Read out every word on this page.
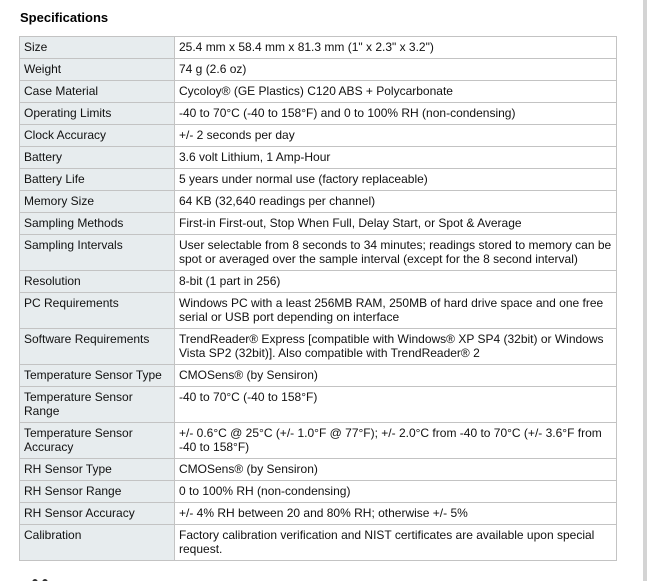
Specifications
Size	25.4 mm x 58.4 mm x 81.3 mm (1" x 2.3" x 3.2")
Weight	74 g (2.6 oz)
Case Material	Cycoloy® (GE Plastics) C120 ABS + Polycarbonate
Operating Limits	-40 to 70°C (-40 to 158°F) and 0 to 100% RH (non-condensing)
Clock Accuracy	+/- 2 seconds per day
Battery	3.6 volt Lithium, 1 Amp-Hour
Battery Life	5 years under normal use (factory replaceable)
Memory Size	64 KB (32,640 readings per channel)
Sampling Methods	First-in First-out, Stop When Full, Delay Start, or Spot & Average
Sampling Intervals	User selectable from 8 seconds to 34 minutes; readings stored to memory can be spot or averaged over the sample interval (except for the 8 second interval)
Resolution	8-bit (1 part in 256)
PC Requirements	Windows PC with a least 256MB RAM, 250MB of hard drive space and one free serial or USB port depending on interface
Software Requirements	TrendReader® Express [compatible with Windows® XP SP4 (32bit) or Windows Vista SP2 (32bit)]. Also compatible with TrendReader® 2
Temperature Sensor Type	CMOSens® (by Sensiron)
Temperature Sensor Range	-40 to 70°C (-40 to 158°F)
Temperature Sensor Accuracy	+/- 0.6°C @ 25°C (+/- 1.0°F @ 77°F); +/- 2.0°C from -40 to 70°C (+/- 3.6°F from -40 to 158°F)
RH Sensor Type	CMOSens® (by Sensiron)
RH Sensor Range	0 to 100% RH (non-condensing)
RH Sensor Accuracy	+/- 4% RH between 20 and 80% RH; otherwise +/- 5%
Calibration	Factory calibration verification and NIST certificates are available upon special request.
